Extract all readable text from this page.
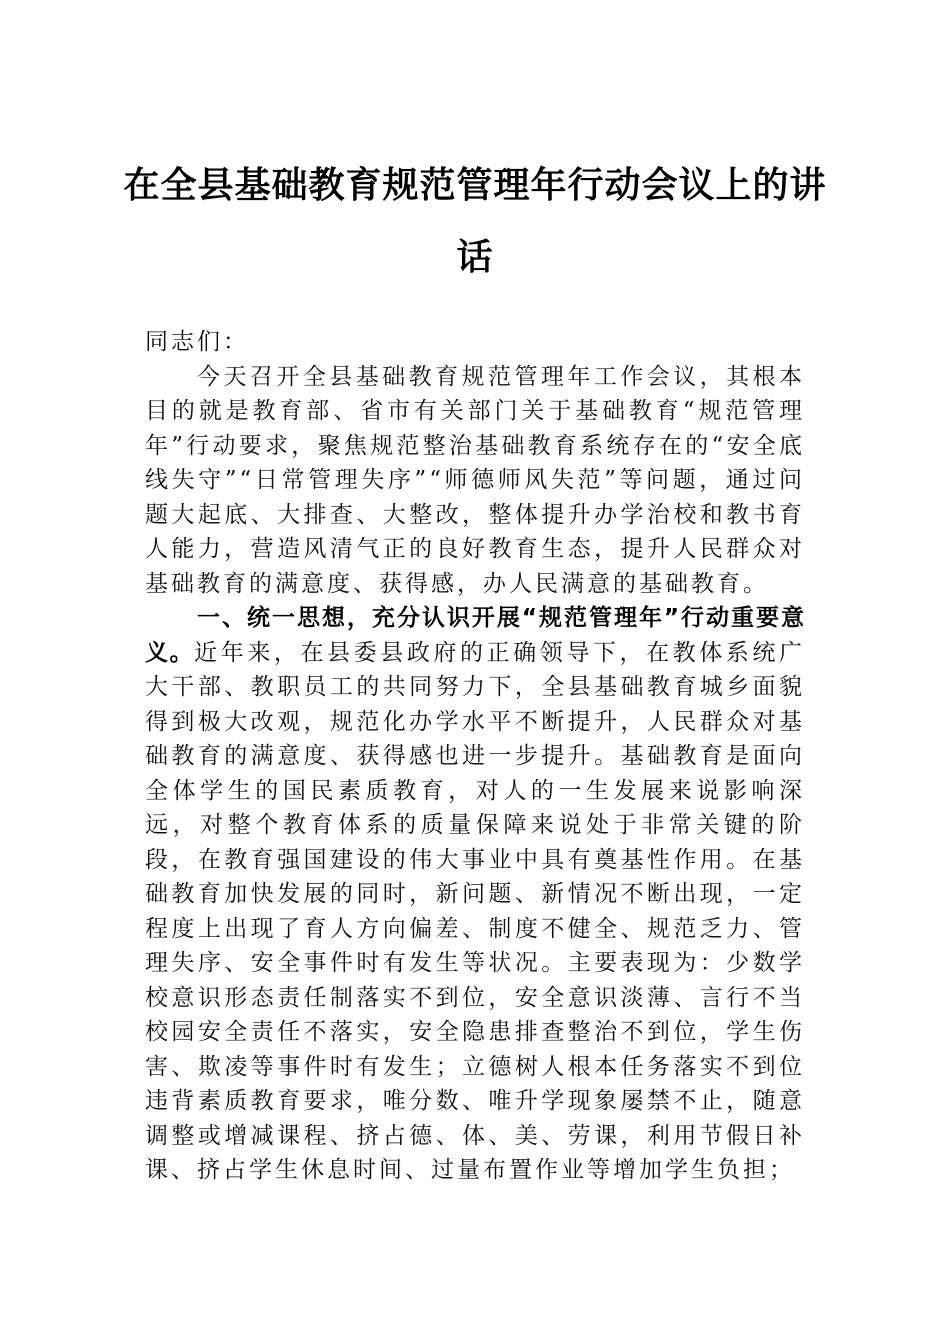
在全县基础教育规范管理年行动会议上的讲话

同志们：

今天召开全县基础教育规范管理年工作会议，其根本目的就是教育部、省市有关部门关于基础教育“规范管理年”行动要求，聚焦规范整治基础教育系统存在的“安全底线失守”“日常管理失序”“师德师风失范”等问题，通过问题大起底、大排查、大整改，整体提升办学治校和教书育人能力，营造风清气正的良好教育生态，提升人民群众对基础教育的满意度、获得感，办人民满意的基础教育。

一、统一思想，充分认识开展“规范管理年”行动重要意义。近年来，在县委县政府的正确领导下，在教体系统广大干部、教职员工的共同努力下，全县基础教育城乡面貌得到极大改观，规范化办学水平不断提升，人民群众对基础教育的满意度、获得感也进一步提升。基础教育是面向全体学生的国民素质教育，对人的一生发展来说影响深远，对整个教育体系的质量保障来说处于非常关键的阶段，在教育强国建设的伟大事业中具有奠基性作用。在基础教育加快发展的同时，新问题、新情况不断出现，一定程度上出现了育人方向偏差、制度不健全、规范乏力、管理失序、安全事件时有发生等状况。主要表现为：少数学校意识形态责任制落实不到位，安全意识淡薄、言行不当校园安全责任不落实，安全隐患排查整治不到位，学生伤害、欺凌等事件时有发生；立德树人根本任务落实不到位违背素质教育要求，唯分数、唯升学现象屡禁不止，随意调整或增减课程、挤占德、体、美、劳课，利用节假日补课、挤占学生休息时间、过量布置作业等增加学生负担；
